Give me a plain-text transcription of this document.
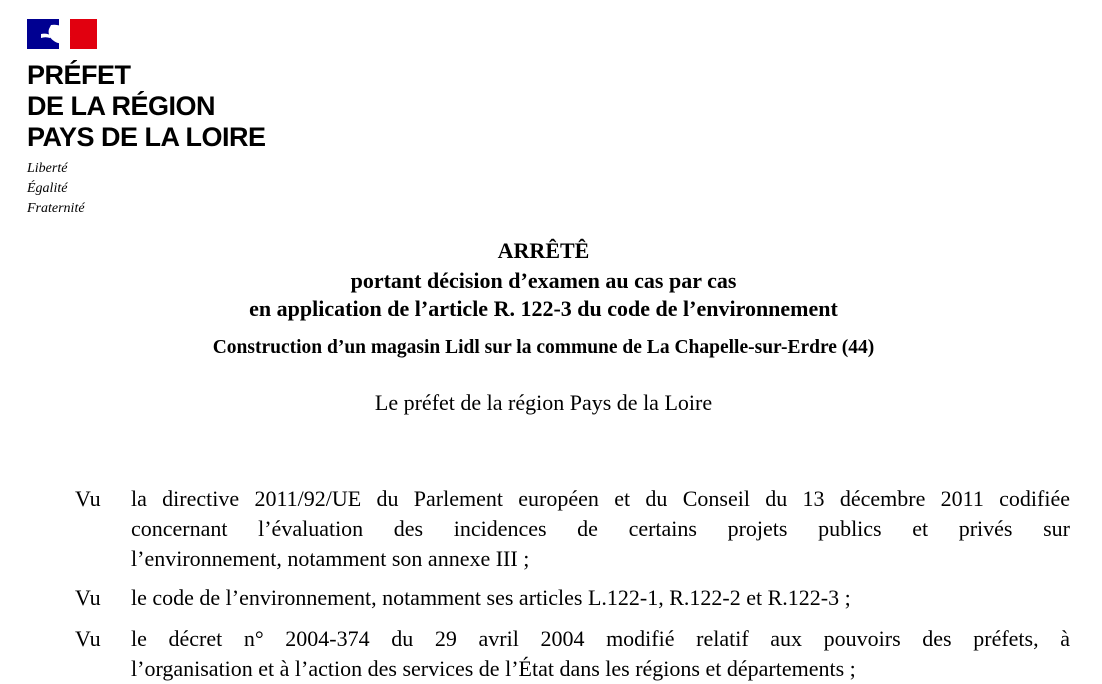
PRÉFET
DE LA RÉGION
PAYS DE LA LOIRE
Liberté
Égalité
Fraternité
ARRÊTÊ
portant décision d’examen au cas par cas
en application de l’article R. 122-3 du code de l’environnement
Construction d’un magasin Lidl sur la commune de La Chapelle-sur-Erdre (44)
Le préfet de la région Pays de la Loire
Vu la directive 2011/92/UE du Parlement européen et du Conseil du 13 décembre 2011 codifiée
concernant l’évaluation des incidences de certains projets publics et privés sur
l’environnement, notamment son annexe III ;
Vu le code de l’environnement, notamment ses articles L.122-1, R.122-2 et R.122-3 ;
Vu le décret n° 2004-374 du 29 avril 2004 modifié relatif aux pouvoirs des préfets, à
l’organisation et à l’action des services de l’État dans les régions et départements ;
